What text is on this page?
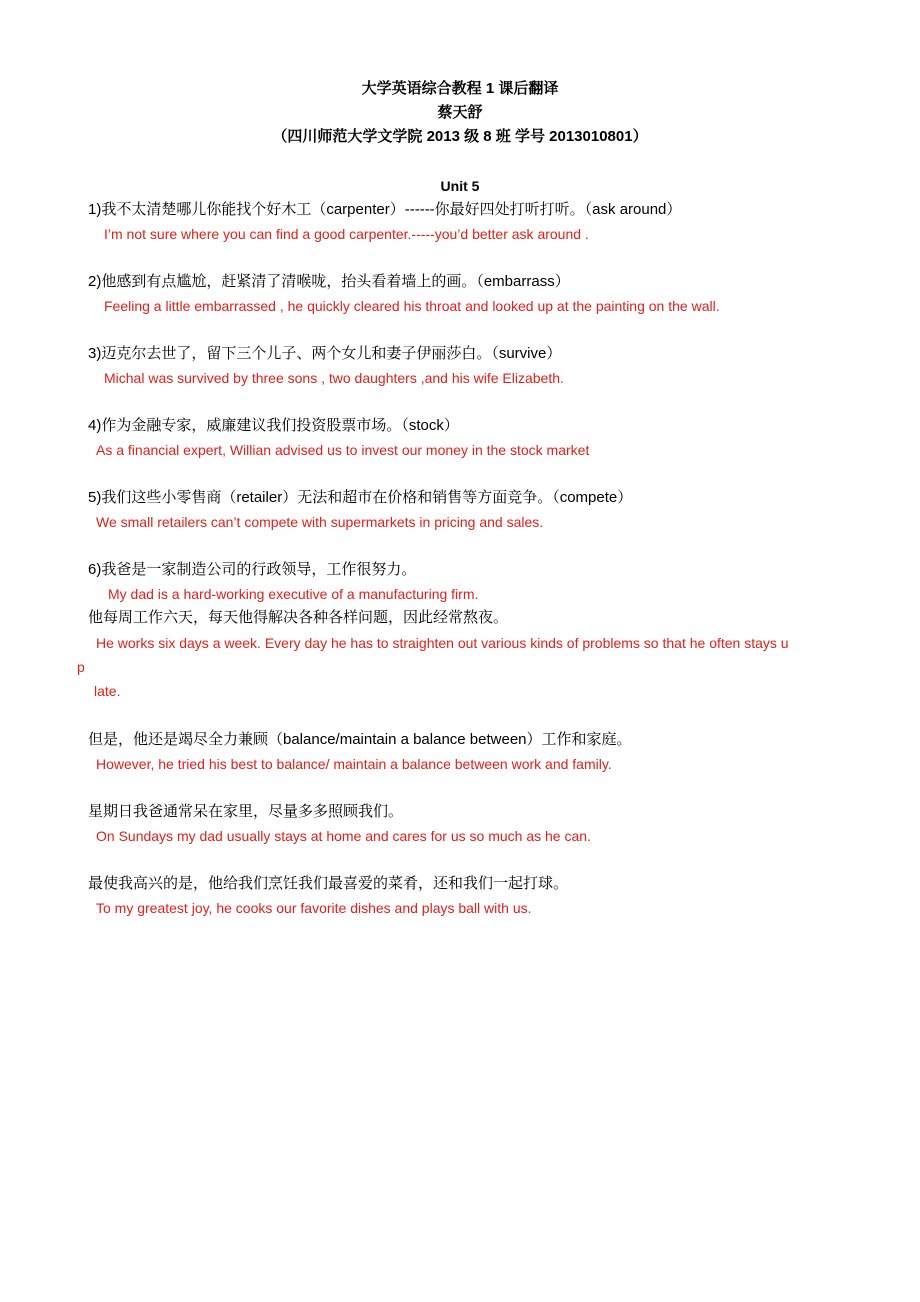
大学英语综合教程 1 课后翻译
蔡天舒
（四川师范大学文学院 2013 级 8 班 学号 2013010801）
Unit 5
1)我不太清楚哪儿你能找个好木工（carpenter）------你最好四处打听打听。（ask around）
I’m not sure where you can find a good carpenter.-----you’d better ask around .
2)他感到有点尴尬，赶紧清了清喉咙，抬头看着墙上的画。（embarrass）
Feeling a little embarrassed , he quickly cleared his throat and looked up at the painting on the wall.
3)迈克尔去世了，留下三个儿子、两个女儿和妻子伊丽莎白。（survive）
Michal was survived by three sons , two daughters ,and his wife Elizabeth.
4)作为金融专家，威廉建议我们投资股票市场。（stock）
As a financial expert, Willian advised us to invest our money in the stock market
5)我们这些小零售商（retailer）无法和超市在价格和销售等方面竞争。（compete）
We small retailers can’t compete with supermarkets in pricing and sales.
6)我爸是一家制造公司的行政领导，工作很努力。
My dad is a hard-working executive of a manufacturing firm.
他每周工作六天，每天他得解决各种各样问题，因此经常熬夜。
He works six days a week. Every day he has to straighten out various kinds of problems so that he often stays u
p
late.
但是，他还是竭尽全力兼顾（balance/maintain a balance between）工作和家庭。
However, he tried his best to balance/ maintain a balance between work and family.
星期日我爸通常呆在家里，尽量多多照顾我们。
On Sundays my dad usually stays at home and cares for us so much as he can.
最使我高兴的是，他给我们烹饪我们最喜爱的菜肴，还和我们一起打球。
To my greatest joy, he cooks our favorite dishes and plays ball with us.
